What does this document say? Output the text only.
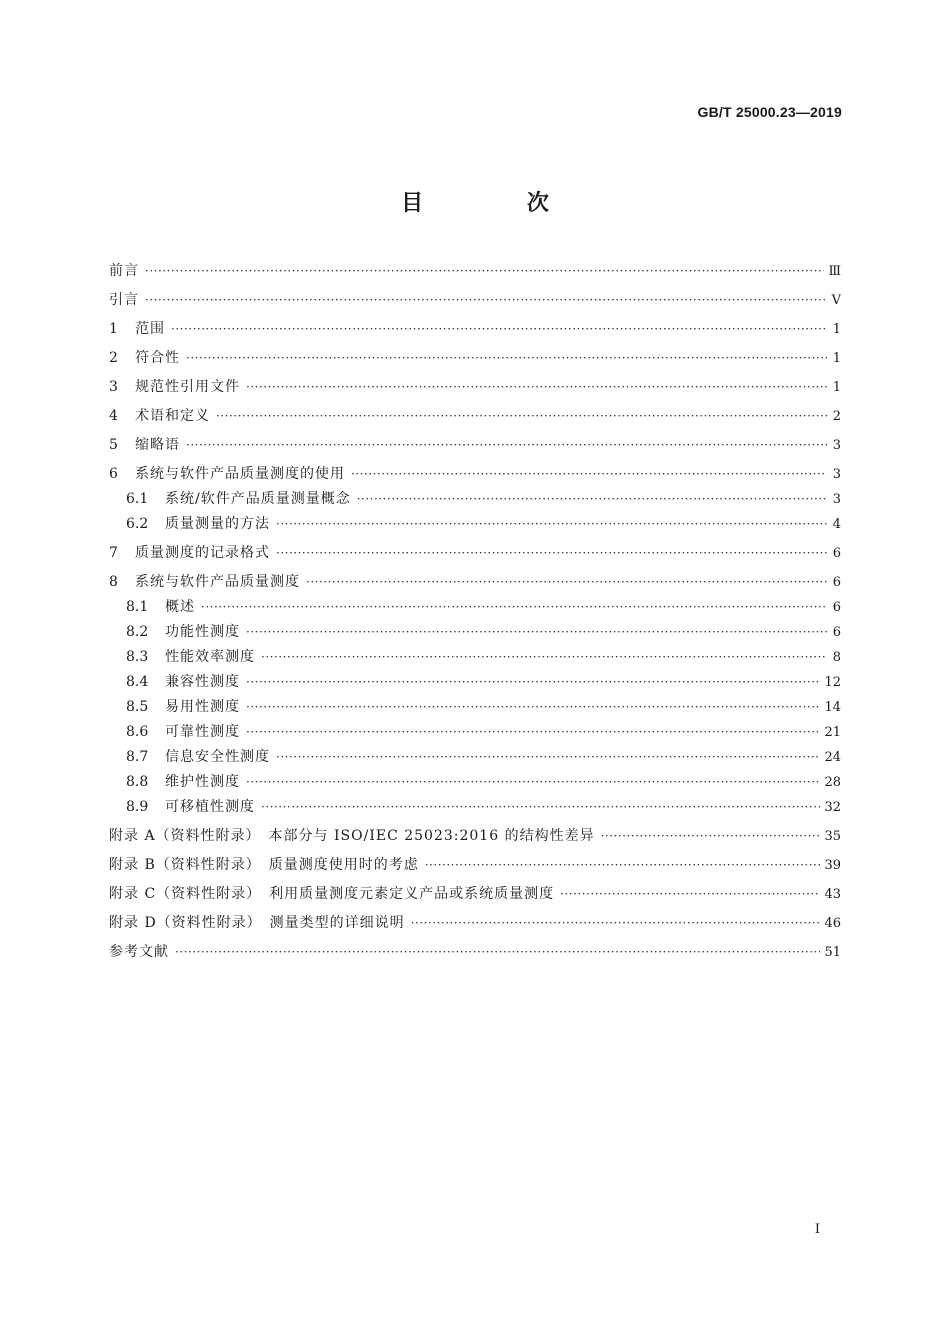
GB/T 25000.23—2019
目 次
前言 ·····	Ⅲ
引言 ·····	Ⅴ
1	范围 ·····	1
2	符合性 ·····	1
3	规范性引用文件 ·····	1
4	术语和定义 ·····	2
5	缩略语 ·····	3
6	系统与软件产品质量测度的使用 ·····	3
6.1	系统/软件产品质量测量概念 ·····	3
6.2	质量测量的方法 ·····	4
7	质量测度的记录格式 ·····	6
8	系统与软件产品质量测度 ·····	6
8.1	概述 ·····	6
8.2	功能性测度 ·····	6
8.3	性能效率测度 ·····	8
8.4	兼容性测度 ·····	12
8.5	易用性测度 ·····	14
8.6	可靠性测度 ·····	21
8.7	信息安全性测度 ·····	24
8.8	维护性测度 ·····	28
8.9	可移植性测度 ·····	32
附录 A（资料性附录）　本部分与 ISO/IEC 25023:2016 的结构性差异 ·····	35
附录 B（资料性附录）　质量测度使用时的考虑 ·····	39
附录 C（资料性附录）　利用质量测度元素定义产品或系统质量测度 ·····	43
附录 D（资料性附录）　测量类型的详细说明 ·····	46
参考文献 ·····	51
I
